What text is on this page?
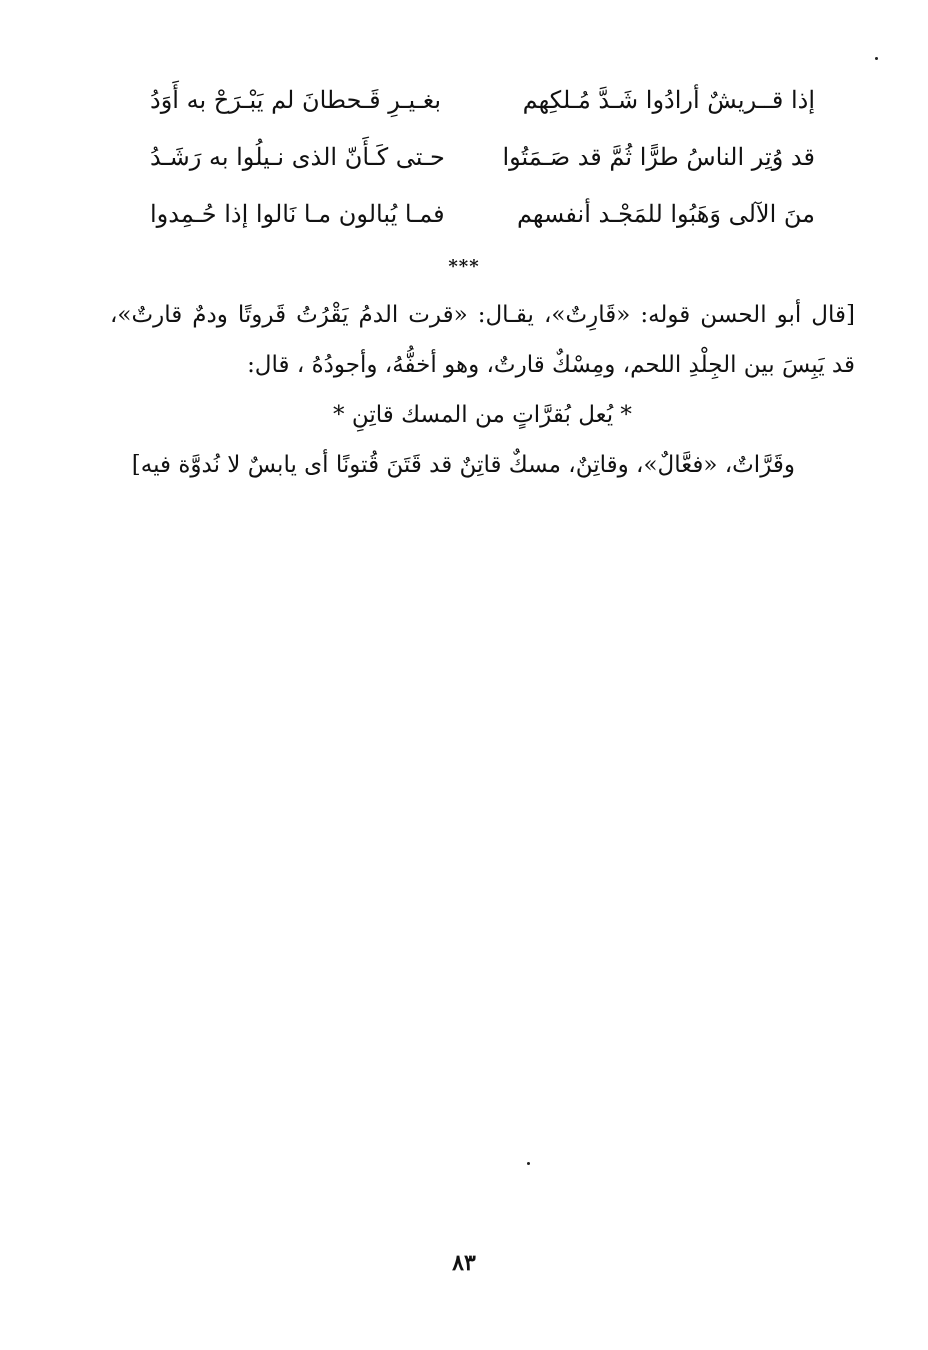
إذا قــريشٌ أرادُوا شَـدَّ مُـلكِهم
بغـيـرِ قَـحطانَ لم يَبْـرَحْ به أَوَدُ
قد وُتِر الناسُ طرًّا ثُمَّ قد صَـمَتُوا
حـتى كَـأَنّ الذى نـيلُوا به رَشَـدُ
منَ الآلى وَهَبُوا للمَجْـد أنفسهم
فمـا يُبالون مـا نَالوا إذا حُـمِدوا
***
[قال أبو الحسن قوله: «قَارِتٌ»، يقـال: «قرت الدمُ يَقْرُتُ قَروتًا ودمٌ قارتٌ»،
قد يَبِسَ بين الجِلْدِ اللحم، ومِسْكٌ قارتٌ، وهو أخفُّهُ، وأجودُهُ ، قال:
* يُعل بُقرَّاتٍ من المسك قاتِنِ *
وقَرَّاتٌ، «فعَّالٌ»، وقاتِنٌ، مسكٌ قاتِنٌ قد قَتَنَ قُتونًا أى يابسٌ لا نُدوَّة فيه]
٨٣
